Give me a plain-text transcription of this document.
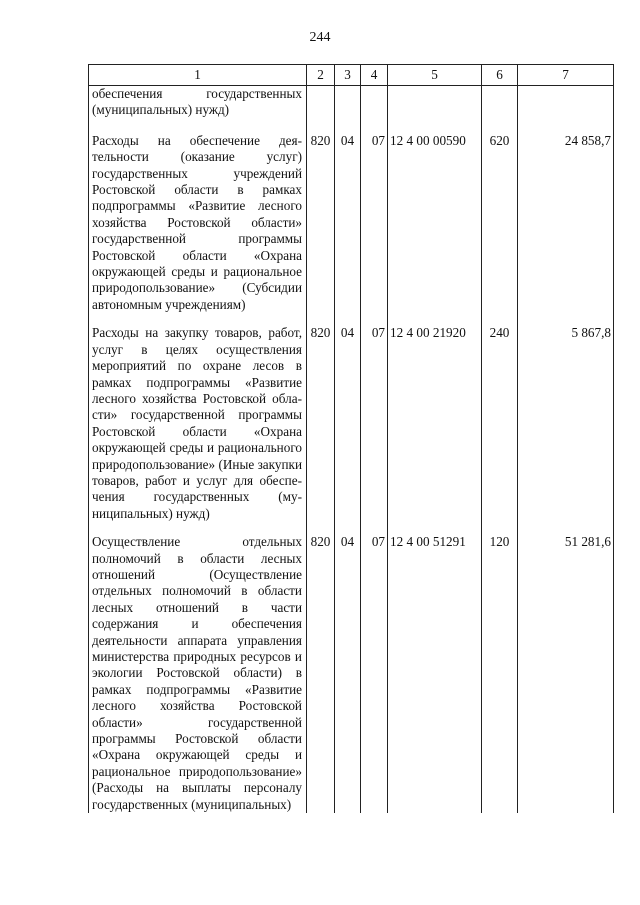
244
1	2	3	4	5	6	7
обеспечения государственных (муниципальных) нужд)						
Расходы на обеспечение деятельности (оказание услуг) государственных учреждений Ростовской области в рамках подпрограммы «Развитие лесного хозяйства Ростовской области» государственной программы Ростовской области «Охрана окружающей среды и рациональное природопользование» (Субсидии автономным учреждениям)	820	04	07	12 4 00 00590	620	24 858,7
Расходы на закупку товаров, работ, услуг в целях осуществления мероприятий по охране лесов в рамках подпрограммы «Развитие лесного хозяйства Ростовской области» государственной программы Ростовской области «Охрана окружающей среды и рационального природопользование» (Иные закупки товаров, работ и услуг для обеспечения государственных (муниципальных) нужд)	820	04	07	12 4 00 21920	240	5 867,8
Осуществление отдельных полномочий в области лесных отношений (Осуществление отдельных полномочий в области лесных отношений в части содержания и обеспечения деятельности аппарата управления министерства природных ресурсов и экологии Ростовской области) в рамках подпрограммы «Развитие лесного хозяйства Ростовской области» государственной программы Ростовской области «Охрана окружающей среды и рациональное природопользование» (Расходы на выплаты персоналу государственных (муниципальных)	820	04	07	12 4 00 51291	120	51 281,6
